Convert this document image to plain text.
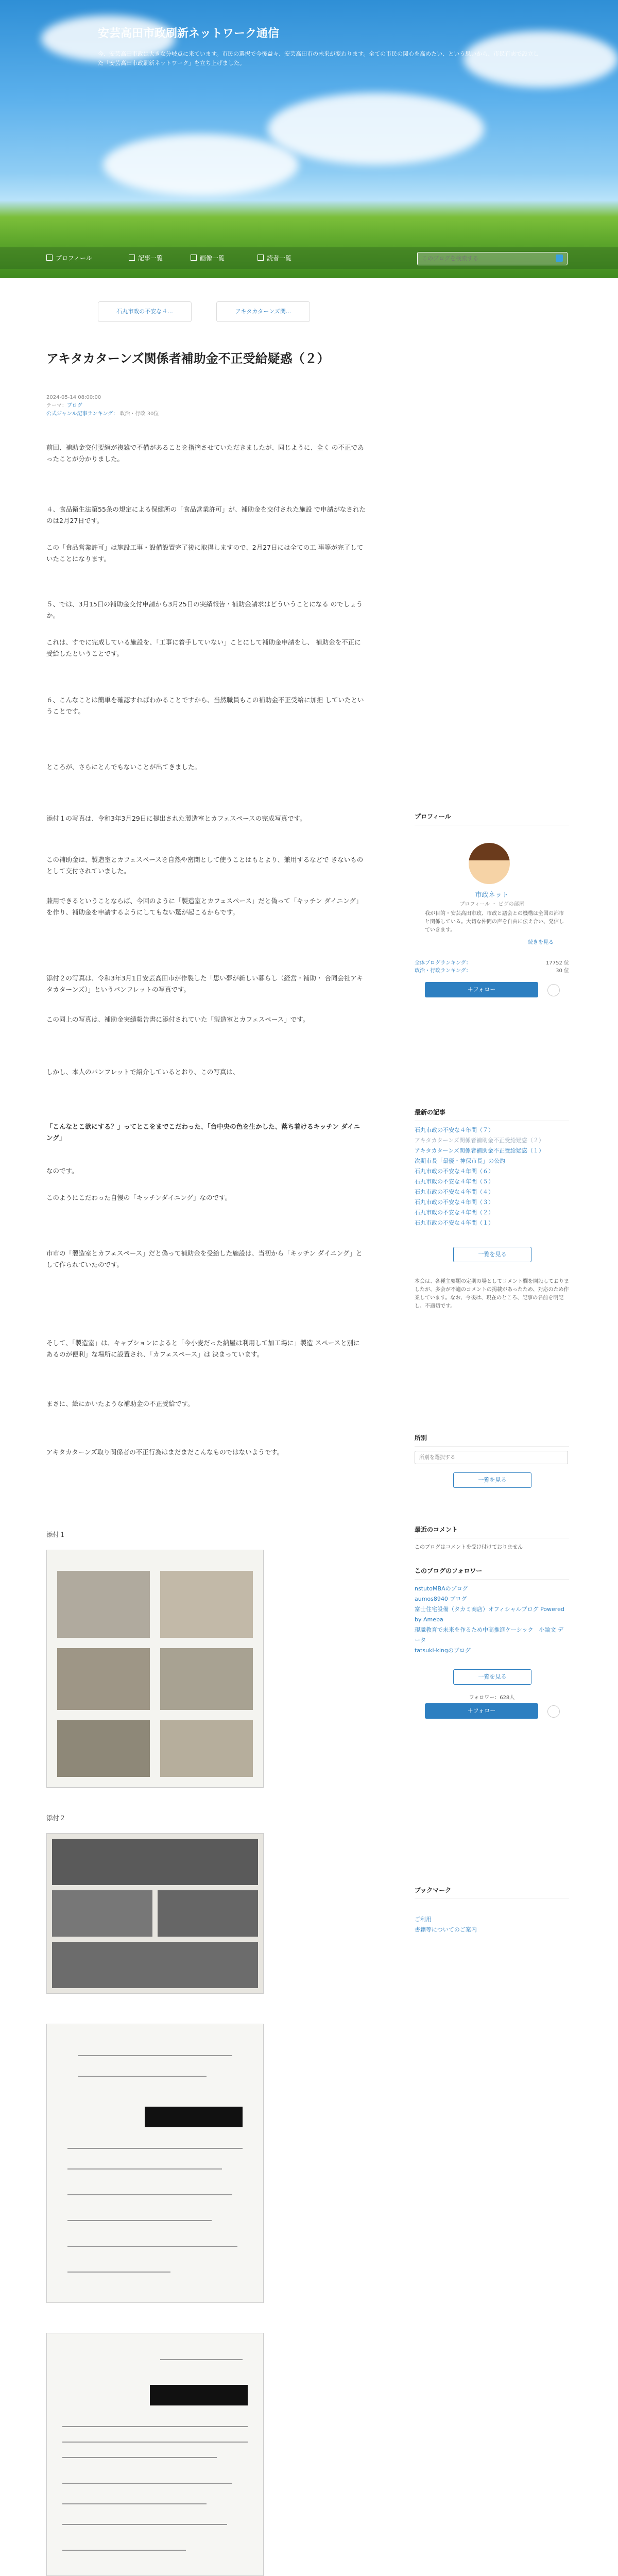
安芸高田市政刷新ネットワーク通信
今、安芸高田市政は大きな分岐点に来ています。市民の選択で今後益々、安芸高田市の未来が変わります。全ての市民の関心を高めたい、という思いから、市民有志で設立した「安芸高田市政刷新ネットワーク」を立ち上げました。
プロフィール	記事一覧	画像一覧	読者一覧
このブログを検索する
石丸市政の不安な４...	アキタカターンズ関...
アキタカターンズ関係者補助金不正受給疑惑（２）
2024-05-14 08:00:00
テーマ：ブログ
公式ジャンル記事ランキング： 政治・行政 30位

前回、補助金交付要綱が複雑で不備があることを指摘させていただきましたが、同じように、全く の不正であったことが分かりました。

４、食品衛生法第55条の規定による保健所の「食品営業許可」が、補助金を交付された施設 で申請がなされたのは2月27日です。

この「食品営業許可」は施設工事・設備設置完了後に取得しますので、2月27日には全ての工 事等が完了していたことになります。

５、では、3月15日の補助金交付申請から3月25日の実績報告・補助金請求はどういうことになる のでしょうか。

これは、すでに完成している施設を、「工事に着手していない」ことにして補助金申請をし、 補助金を不正に受給したということです。

６、こんなことは簡単を確認すればわかることですから、当然職員もこの補助金不正受給に加担 していたということです。

ところが、さらにとんでもないことが出てきました。

添付１の写真は、令和3年3月29日に提出された製造室とカフェスペースの完成写真です。

この補助金は、製造室とカフェスペースを自然や密閉として使うことはもとより、兼用するなどで きないものとして交付されていました。

兼用できるということならば、今回のように「製造室とカフェスペース」だと偽って「キッチン ダイニング」を作り、補助金を申請するようにしてもない驚が起こるからです。

添付２の写真は、令和3年3月1日安芸高田市が作製した「思い夢が新しい暮らし（経営・補助・ 合同会社アキタカターンズ）」というパンフレットの写真です。

この同上の写真は、補助金実績報告書に添付されていた「製造室とカフェスペース」です。

しかし、本人のパンフレットで紹介しているとおり、この写真は、

「こんなとこ欲にする？」ってとこをまでこだわった、「台中央の色を生かした、落ち着けるキッチン ダイニング」

なのです。

このようにこだわった自慢の「キッチンダイニング」なのです。

市市の「製造室とカフェスペース」だと偽って補助金を受給した施設は、当初から「キッチン ダイニング」として作られていたのです。

そして、「製造室」は、キャプションによると「今小麦だった納屋は利用して加工場に」製造 スペースと別にあるのが便利」な場所に設置され、「カフェスペース」は 決まっています。

まさに、絵にかいたような補助金の不正受給です。

アキタカターンズ取り関係者の不正行為はまだまだこんなものではないようです。

添付１

添付２

プロフィール
市政ネット
プロフィール ・ ピグの部屋
我が目的・安芸高田市政、市政と議会との機構は全国の都市と関係している。大切な仲間の声を自由に伝え合い、発信していきます。
続きを見る
全体ブログランキング：	17752 位
政治・行政ランキング：	30 位
＋フォロー
最新の記事
石丸市政の不安な４年間（７）
アキタカターンズ関係者補助金不正受給疑惑（２）
アキタカターンズ関係者補助金不正受給疑惑（１）
次期市長「最優・神保市長」の公約
石丸市政の不安な４年間（６）
石丸市政の不安な４年間（５）
石丸市政の不安な４年間（４）
石丸市政の不安な４年間（３）
石丸市政の不安な４年間（２）
石丸市政の不安な４年間（１）
一覧を見る
本会は、各種主要題の定期の場としてコメント欄を開設しておりましたが、多会が不適のコメントの掲載があったため、対応のため作業しています。なお、今後は、現在のところ、記事の名前を明記し、不適切です。
所別
所別を選択する
一覧を見る
最近のコメント
このブログはコメントを受け付けておりません
このブログのフォロワー
nstutoMBAのブログ
aumos8940 ブログ
富士住宅設備（タカミ商店）オフィシャルブログ Powered by Ameba
現職教育で未来を作るため中高推進ケーシック　小論文 データ
tatsuki-kingのブログ
一覧を見る
フォロワー：628人
＋フォロー
ブックマーク
ご利用
書籍等についてのご案内
